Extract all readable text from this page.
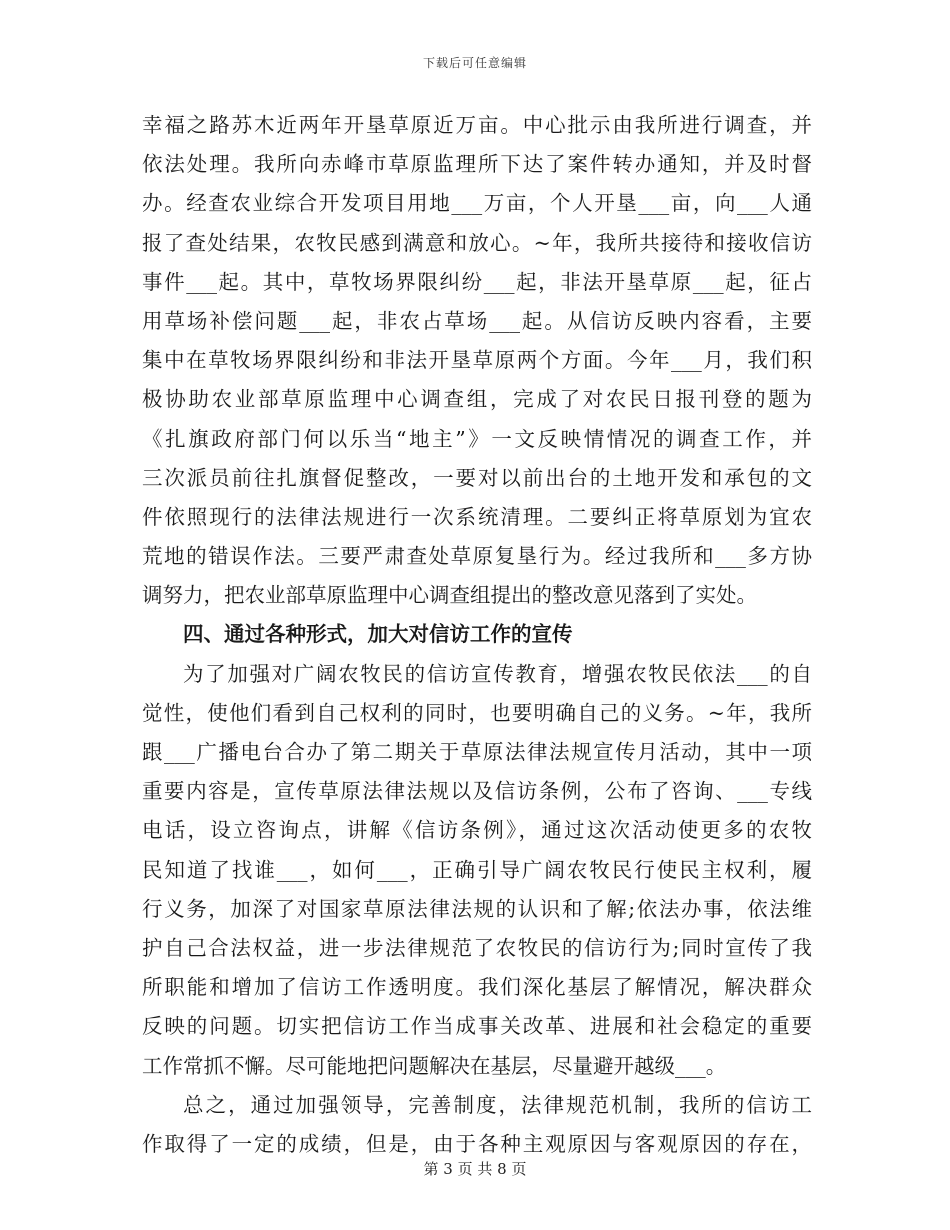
下载后可任意编辑
幸福之路苏木近两年开垦草原近万亩。中心批示由我所进行调查，并
依法处理。我所向赤峰市草原监理所下达了案件转办通知，并及时督
办。经查农业综合开发项目用地___万亩，个人开垦___亩，向___人通
报了查处结果，农牧民感到满意和放心。~年，我所共接待和接收信访
事件___起。其中，草牧场界限纠纷___起，非法开垦草原___起，征占
用草场补偿问题___起，非农占草场___起。从信访反映内容看，主要
集中在草牧场界限纠纷和非法开垦草原两个方面。今年___月，我们积
极协助农业部草原监理中心调查组，完成了对农民日报刊登的题为
《扎旗政府部门何以乐当“地主”》一文反映情情况的调查工作，并
三次派员前往扎旗督促整改，一要对以前出台的土地开发和承包的文
件依照现行的法律法规进行一次系统清理。二要纠正将草原划为宜农
荒地的错误作法。三要严肃查处草原复垦行为。经过我所和___多方协
调努力，把农业部草原监理中心调查组提出的整改意见落到了实处。
四、通过各种形式，加大对信访工作的宣传
为了加强对广阔农牧民的信访宣传教育，增强农牧民依法___的自
觉性，使他们看到自己权利的同时，也要明确自己的义务。~年，我所
跟___广播电台合办了第二期关于草原法律法规宣传月活动，其中一项
重要内容是，宣传草原法律法规以及信访条例，公布了咨询、___专线
电话，设立咨询点，讲解《信访条例》，通过这次活动使更多的农牧
民知道了找谁___，如何___，正确引导广阔农牧民行使民主权利，履
行义务，加深了对国家草原法律法规的认识和了解;依法办事，依法维
护自己合法权益，进一步法律规范了农牧民的信访行为;同时宣传了我
所职能和增加了信访工作透明度。我们深化基层了解情况，解决群众
反映的问题。切实把信访工作当成事关改革、进展和社会稳定的重要
工作常抓不懈。尽可能地把问题解决在基层，尽量避开越级___。
总之，通过加强领导，完善制度，法律规范机制，我所的信访工
作取得了一定的成绩，但是，由于各种主观原因与客观原因的存在，
第 3 页 共 8 页
